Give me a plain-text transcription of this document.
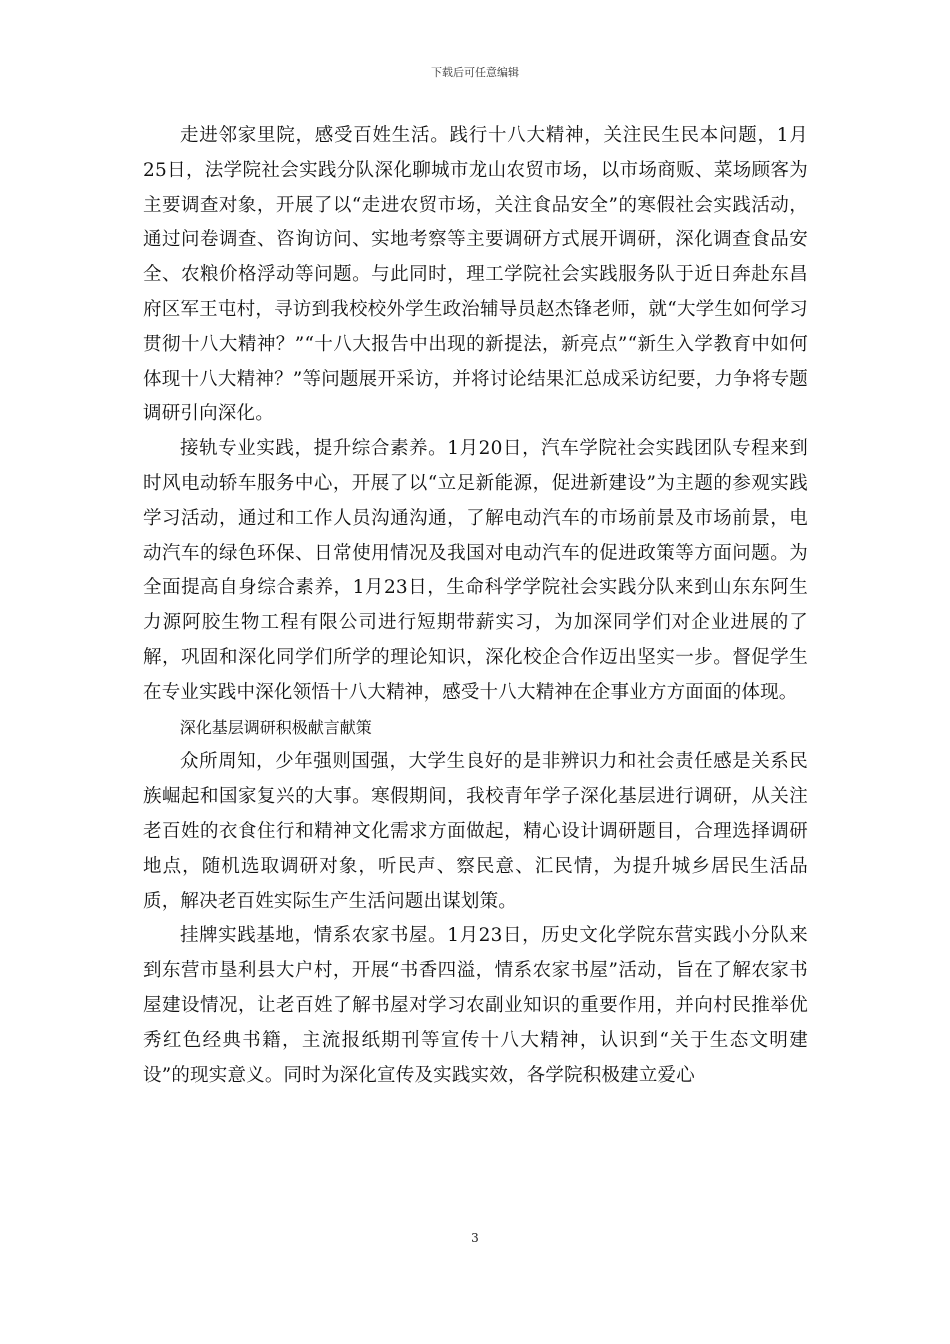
下载后可任意编辑

走进邻家里院，感受百姓生活。践行十八大精神，关注民生民本问题，1月25日，法学院社会实践分队深化聊城市龙山农贸市场，以市场商贩、菜场顾客为主要调查对象，开展了以“走进农贸市场，关注食品安全”的寒假社会实践活动，通过问卷调查、咨询访问、实地考察等主要调研方式展开调研，深化调查食品安全、农粮价格浮动等问题。与此同时，理工学院社会实践服务队于近日奔赴东昌府区军王屯村，寻访到我校校外学生政治辅导员赵杰锋老师，就“大学生如何学习贯彻十八大精神？”“十八大报告中出现的新提法，新亮点”“新生入学教育中如何体现十八大精神？”等问题展开采访，并将讨论结果汇总成采访纪要，力争将专题调研引向深化。

接轨专业实践，提升综合素养。1月20日，汽车学院社会实践团队专程来到时风电动轿车服务中心，开展了以“立足新能源，促进新建设”为主题的参观实践学习活动，通过和工作人员沟通沟通，了解电动汽车的市场前景及市场前景，电动汽车的绿色环保、日常使用情况及我国对电动汽车的促进政策等方面问题。为全面提高自身综合素养，1月23日，生命科学学院社会实践分队来到山东东阿生力源阿胶生物工程有限公司进行短期带薪实习，为加深同学们对企业进展的了解，巩固和深化同学们所学的理论知识，深化校企合作迈出坚实一步。督促学生在专业实践中深化领悟十八大精神，感受十八大精神在企事业方方面面的体现。

深化基层调研积极献言献策

众所周知，少年强则国强，大学生良好的是非辨识力和社会责任感是关系民族崛起和国家复兴的大事。寒假期间，我校青年学子深化基层进行调研，从关注老百姓的衣食住行和精神文化需求方面做起，精心设计调研题目，合理选择调研地点，随机选取调研对象，听民声、察民意、汇民情，为提升城乡居民生活品质，解决老百姓实际生产生活问题出谋划策。

挂牌实践基地，情系农家书屋。1月23日，历史文化学院东营实践小分队来到东营市垦利县大户村，开展“书香四溢，情系农家书屋”活动，旨在了解农家书屋建设情况，让老百姓了解书屋对学习农副业知识的重要作用，并向村民推举优秀红色经典书籍，主流报纸期刊等宣传十八大精神，认识到“关于生态文明建设”的现实意义。同时为深化宣传及实践实效，各学院积极建立爱心

3
